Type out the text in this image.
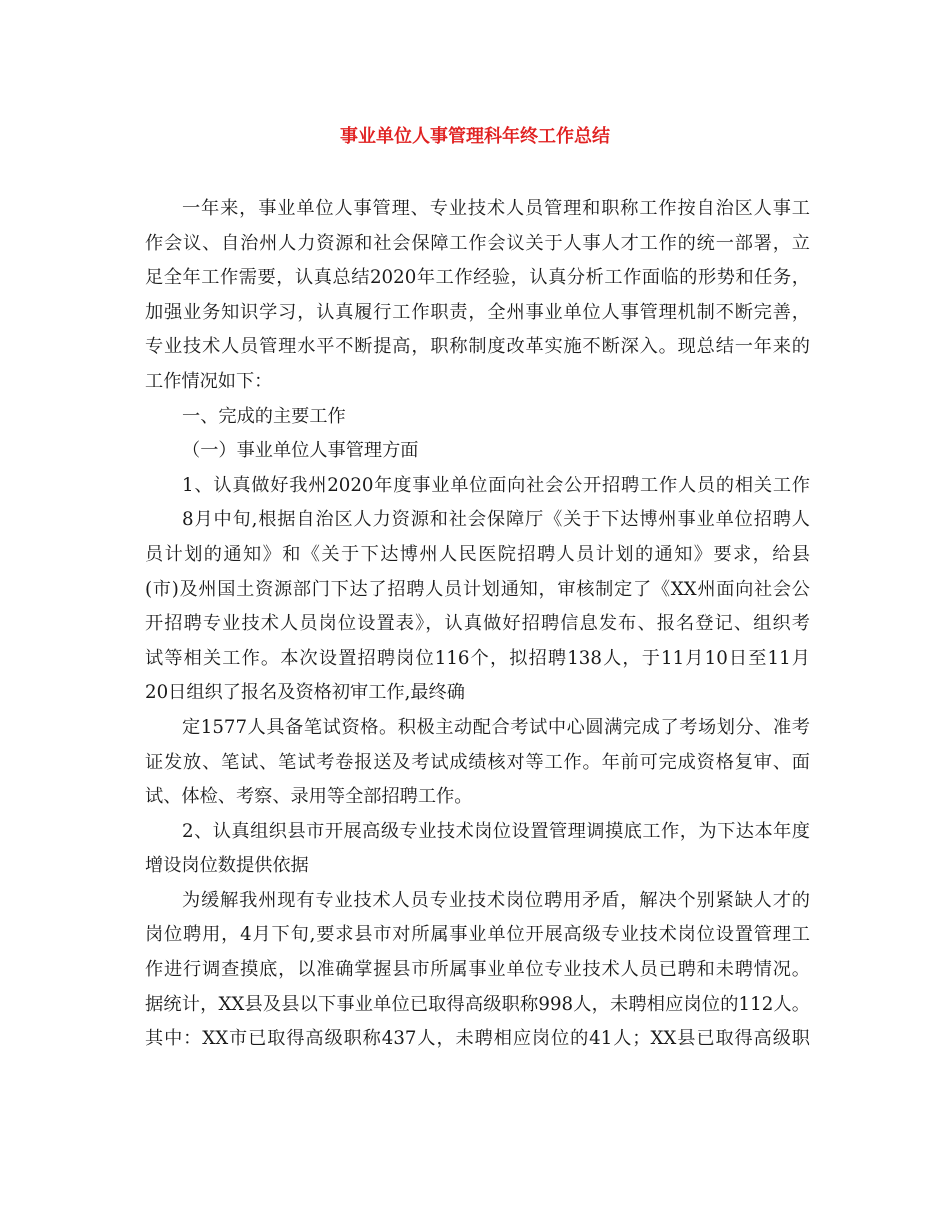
事业单位人事管理科年终工作总结
一年来，事业单位人事管理、专业技术人员管理和职称工作按自治区人事工
作会议、自治州人力资源和社会保障工作会议关于人事人才工作的统一部署，立
足全年工作需要，认真总结2020年工作经验，认真分析工作面临的形势和任务，
加强业务知识学习，认真履行工作职责，全州事业单位人事管理机制不断完善，
专业技术人员管理水平不断提高，职称制度改革实施不断深入。现总结一年来的
工作情况如下：
一、完成的主要工作
（一）事业单位人事管理方面
1、认真做好我州2020年度事业单位面向社会公开招聘工作人员的相关工作
8月中旬,根据自治区人力资源和社会保障厅《关于下达博州事业单位招聘人
员计划的通知》和《关于下达博州人民医院招聘人员计划的通知》要求，给县
(市)及州国土资源部门下达了招聘人员计划通知，审核制定了《XX州面向社会公
开招聘专业技术人员岗位设置表》，认真做好招聘信息发布、报名登记、组织考
试等相关工作。本次设置招聘岗位116个，拟招聘138人，于11月10日至11月
20日组织了报名及资格初审工作,最终确
定1577人具备笔试资格。积极主动配合考试中心圆满完成了考场划分、准考
证发放、笔试、笔试考卷报送及考试成绩核对等工作。年前可完成资格复审、面
试、体检、考察、录用等全部招聘工作。
2、认真组织县市开展高级专业技术岗位设置管理调摸底工作，为下达本年度
增设岗位数提供依据
为缓解我州现有专业技术人员专业技术岗位聘用矛盾，解决个别紧缺人才的
岗位聘用，4月下旬,要求县市对所属事业单位开展高级专业技术岗位设置管理工
作进行调查摸底，以准确掌握县市所属事业单位专业技术人员已聘和未聘情况。
据统计，XX县及县以下事业单位已取得高级职称998人，未聘相应岗位的112人。
其中：XX市已取得高级职称437人，未聘相应岗位的41人；XX县已取得高级职
